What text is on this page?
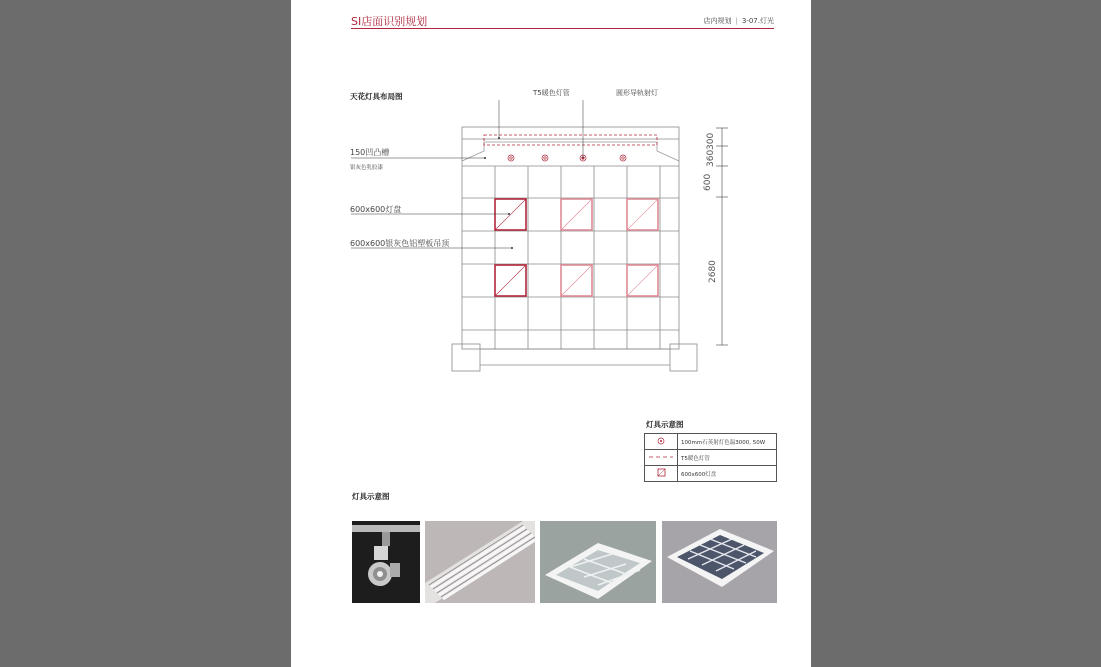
SI店面识别规划	店内规划 | 3-07.灯光
天花灯具布局图	T5暖色灯管	圆形导轨射灯
150凹凸槽
银灰色乳胶漆
600x600灯盘
600x600银灰色铝塑板吊顶
300
360
600
2680
灯具示意图
	100mm石英射灯色温3000, 50W
	T5暖色灯管
	600x600灯盘
灯具示意图
